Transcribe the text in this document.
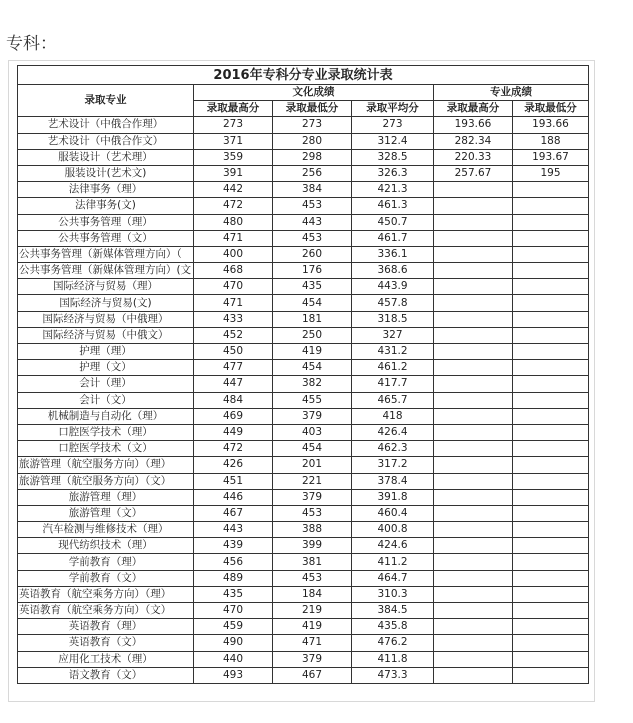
专科：
2016年专科分专业录取统计表					
录取专业	文化成绩			专业成绩	
	录取最高分	录取最低分	录取平均分	录取最高分	录取最低分
艺术设计（中俄合作理）	273	273	273	193.66	193.66
艺术设计（中俄合作文）	371	280	312.4	282.34	188
服装设计（艺术理）	359	298	328.5	220.33	193.67
服装设计(艺术文)	391	256	326.3	257.67	195
法律事务（理）	442	384	421.3		
法律事务(文)	472	453	461.3		
公共事务管理（理）	480	443	450.7		
公共事务管理（文）	471	453	461.7		
公共事务管理（新媒体管理方向）（	400	260	336.1		
公共事务管理（新媒体管理方向）(文	468	176	368.6		
国际经济与贸易（理）	470	435	443.9		
国际经济与贸易(文)	471	454	457.8		
国际经济与贸易（中俄理）	433	181	318.5		
国际经济与贸易（中俄文）	452	250	327		
护理（理）	450	419	431.2		
护理（文）	477	454	461.2		
会计（理）	447	382	417.7		
会计（文）	484	455	465.7		
机械制造与自动化（理）	469	379	418		
口腔医学技术（理）	449	403	426.4		
口腔医学技术（文）	472	454	462.3		
旅游管理（航空服务方向）（理）	426	201	317.2		
旅游管理（航空服务方向）（文）	451	221	378.4		
旅游管理（理）	446	379	391.8		
旅游管理（文）	467	453	460.4		
汽车检测与维修技术（理）	443	388	400.8		
现代纺织技术（理）	439	399	424.6		
学前教育（理）	456	381	411.2		
学前教育（文）	489	453	464.7		
英语教育（航空乘务方向）（理）	435	184	310.3		
英语教育（航空乘务方向）（文）	470	219	384.5		
英语教育（理）	459	419	435.8		
英语教育（文）	490	471	476.2		
应用化工技术（理）	440	379	411.8		
语文教育（文）	493	467	473.3		
